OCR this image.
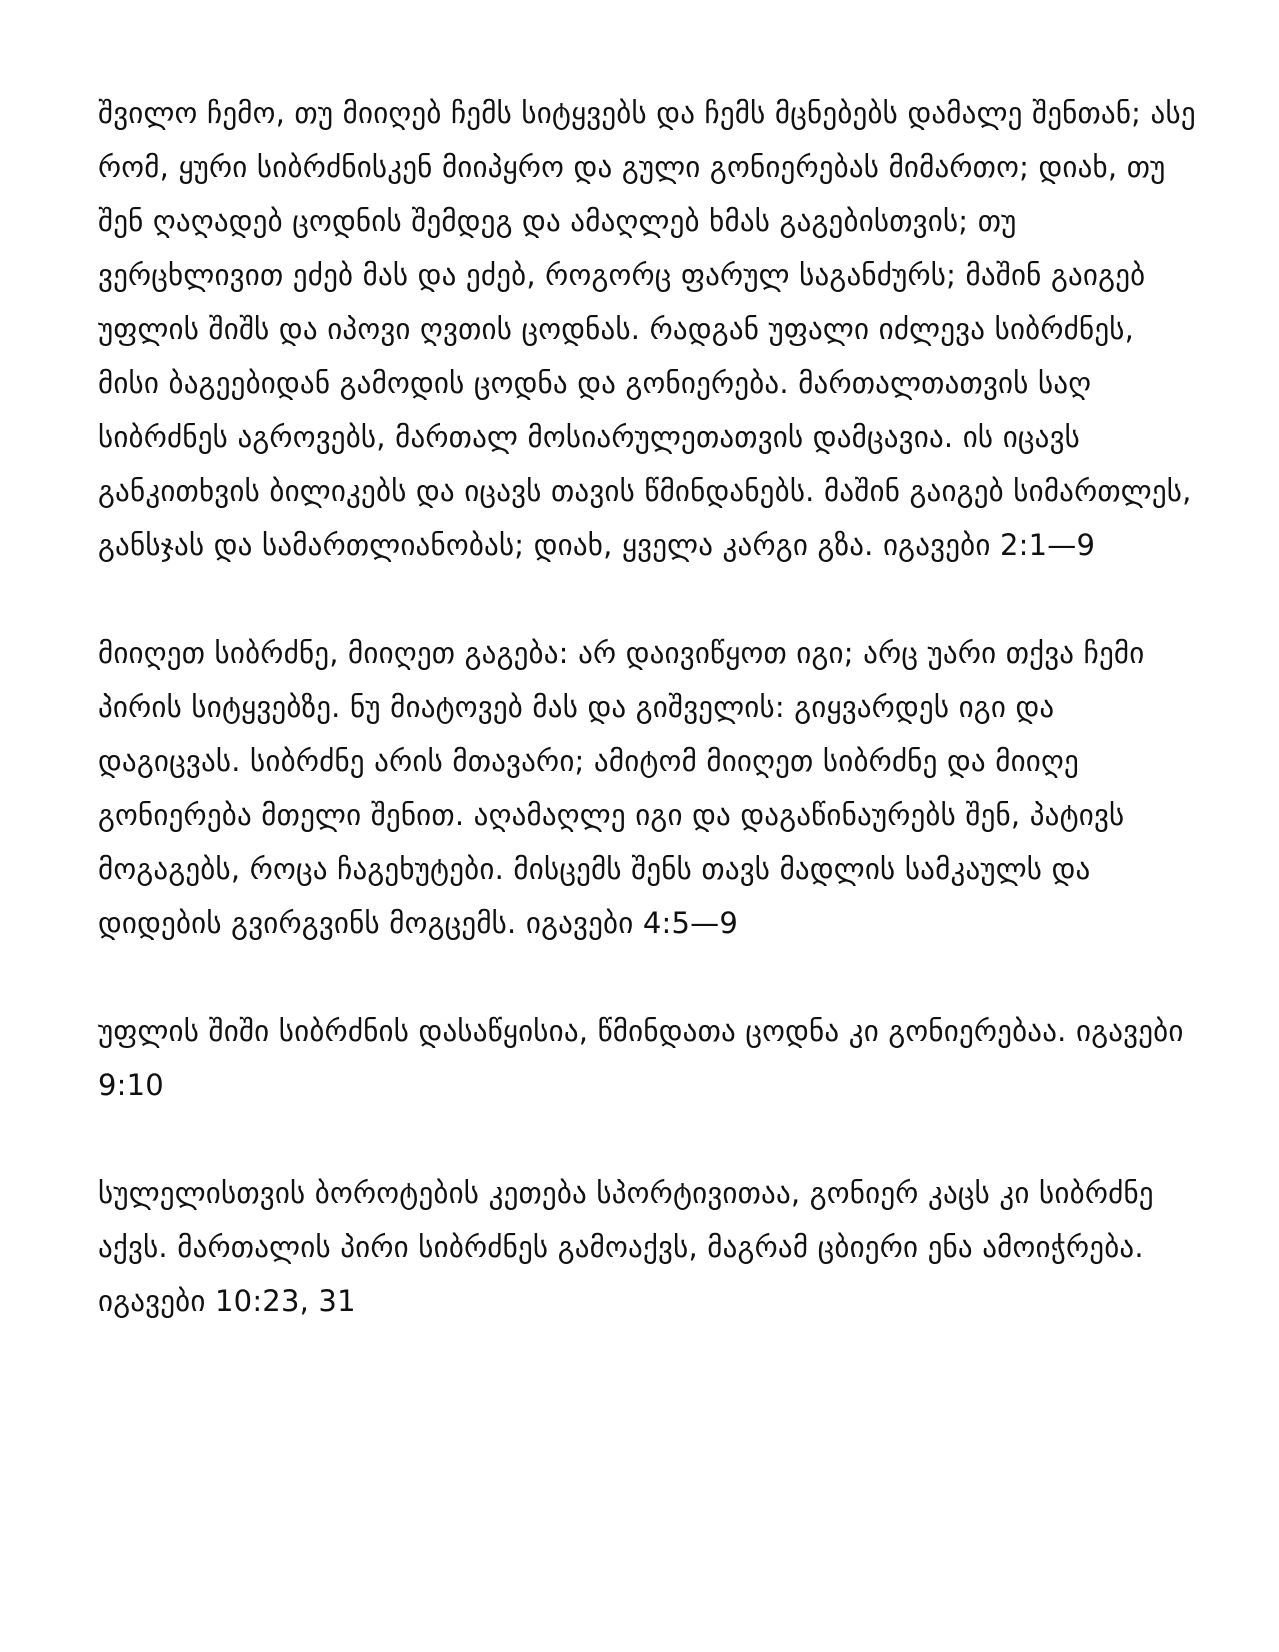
შვილო ჩემო, თუ მიიღებ ჩემს სიტყვებს და ჩემს მცნებებს დამალე შენთან; ასე რომ, ყური სიბრძნისკენ მიიპყრო და გული გონიერებას მიმართო; დიახ, თუ შენ ღაღადებ ცოდნის შემდეგ და ამაღლებ ხმას გაგებისთვის; თუ ვერცხლივით ეძებ მას და ეძებ, როგორც ფარულ საგანძურს; მაშინ გაიგებ უფლის შიშს და იპოვი ღვთის ცოდნას. რადგან უფალი იძლევა სიბრძნეს, მისი ბაგეებიდან გამოდის ცოდნა და გონიერება. მართალთათვის საღ სიბრძნეს აგროვებს, მართალ მოსიარულეთათვის დამცავია. ის იცავს განკითხვის ბილიკებს და იცავს თავის წმინდანებს. მაშინ გაიგებ სიმართლეს, განსჯას და სამართლიანობას; დიახ, ყველა კარგი გზა. იგავები 2:1—9

მიიღეთ სიბრძნე, მიიღეთ გაგება: არ დაივიწყოთ იგი; არც უარი თქვა ჩემი პირის სიტყვებზე. ნუ მიატოვებ მას და გიშველის: გიყვარდეს იგი და დაგიცვას. სიბრძნე არის მთავარი; ამიტომ მიიღეთ სიბრძნე და მიიღე გონიერება მთელი შენით. აღამაღლე იგი და დაგაწინაურებს შენ, პატივს მოგაგებს, როცა ჩაგეხუტები. მისცემს შენს თავს მადლის სამკაულს და დიდების გვირგვინს მოგცემს. იგავები 4:5—9

უფლის შიში სიბრძნის დასაწყისია, წმინდათა ცოდნა კი გონიერებაა. იგავები 9:10

სულელისთვის ბოროტების კეთება სპორტივითაა, გონიერ კაცს კი სიბრძნე აქვს. მართალის პირი სიბრძნეს გამოაქვს, მაგრამ ცბიერი ენა ამოიჭრება. იგავები 10:23, 31
